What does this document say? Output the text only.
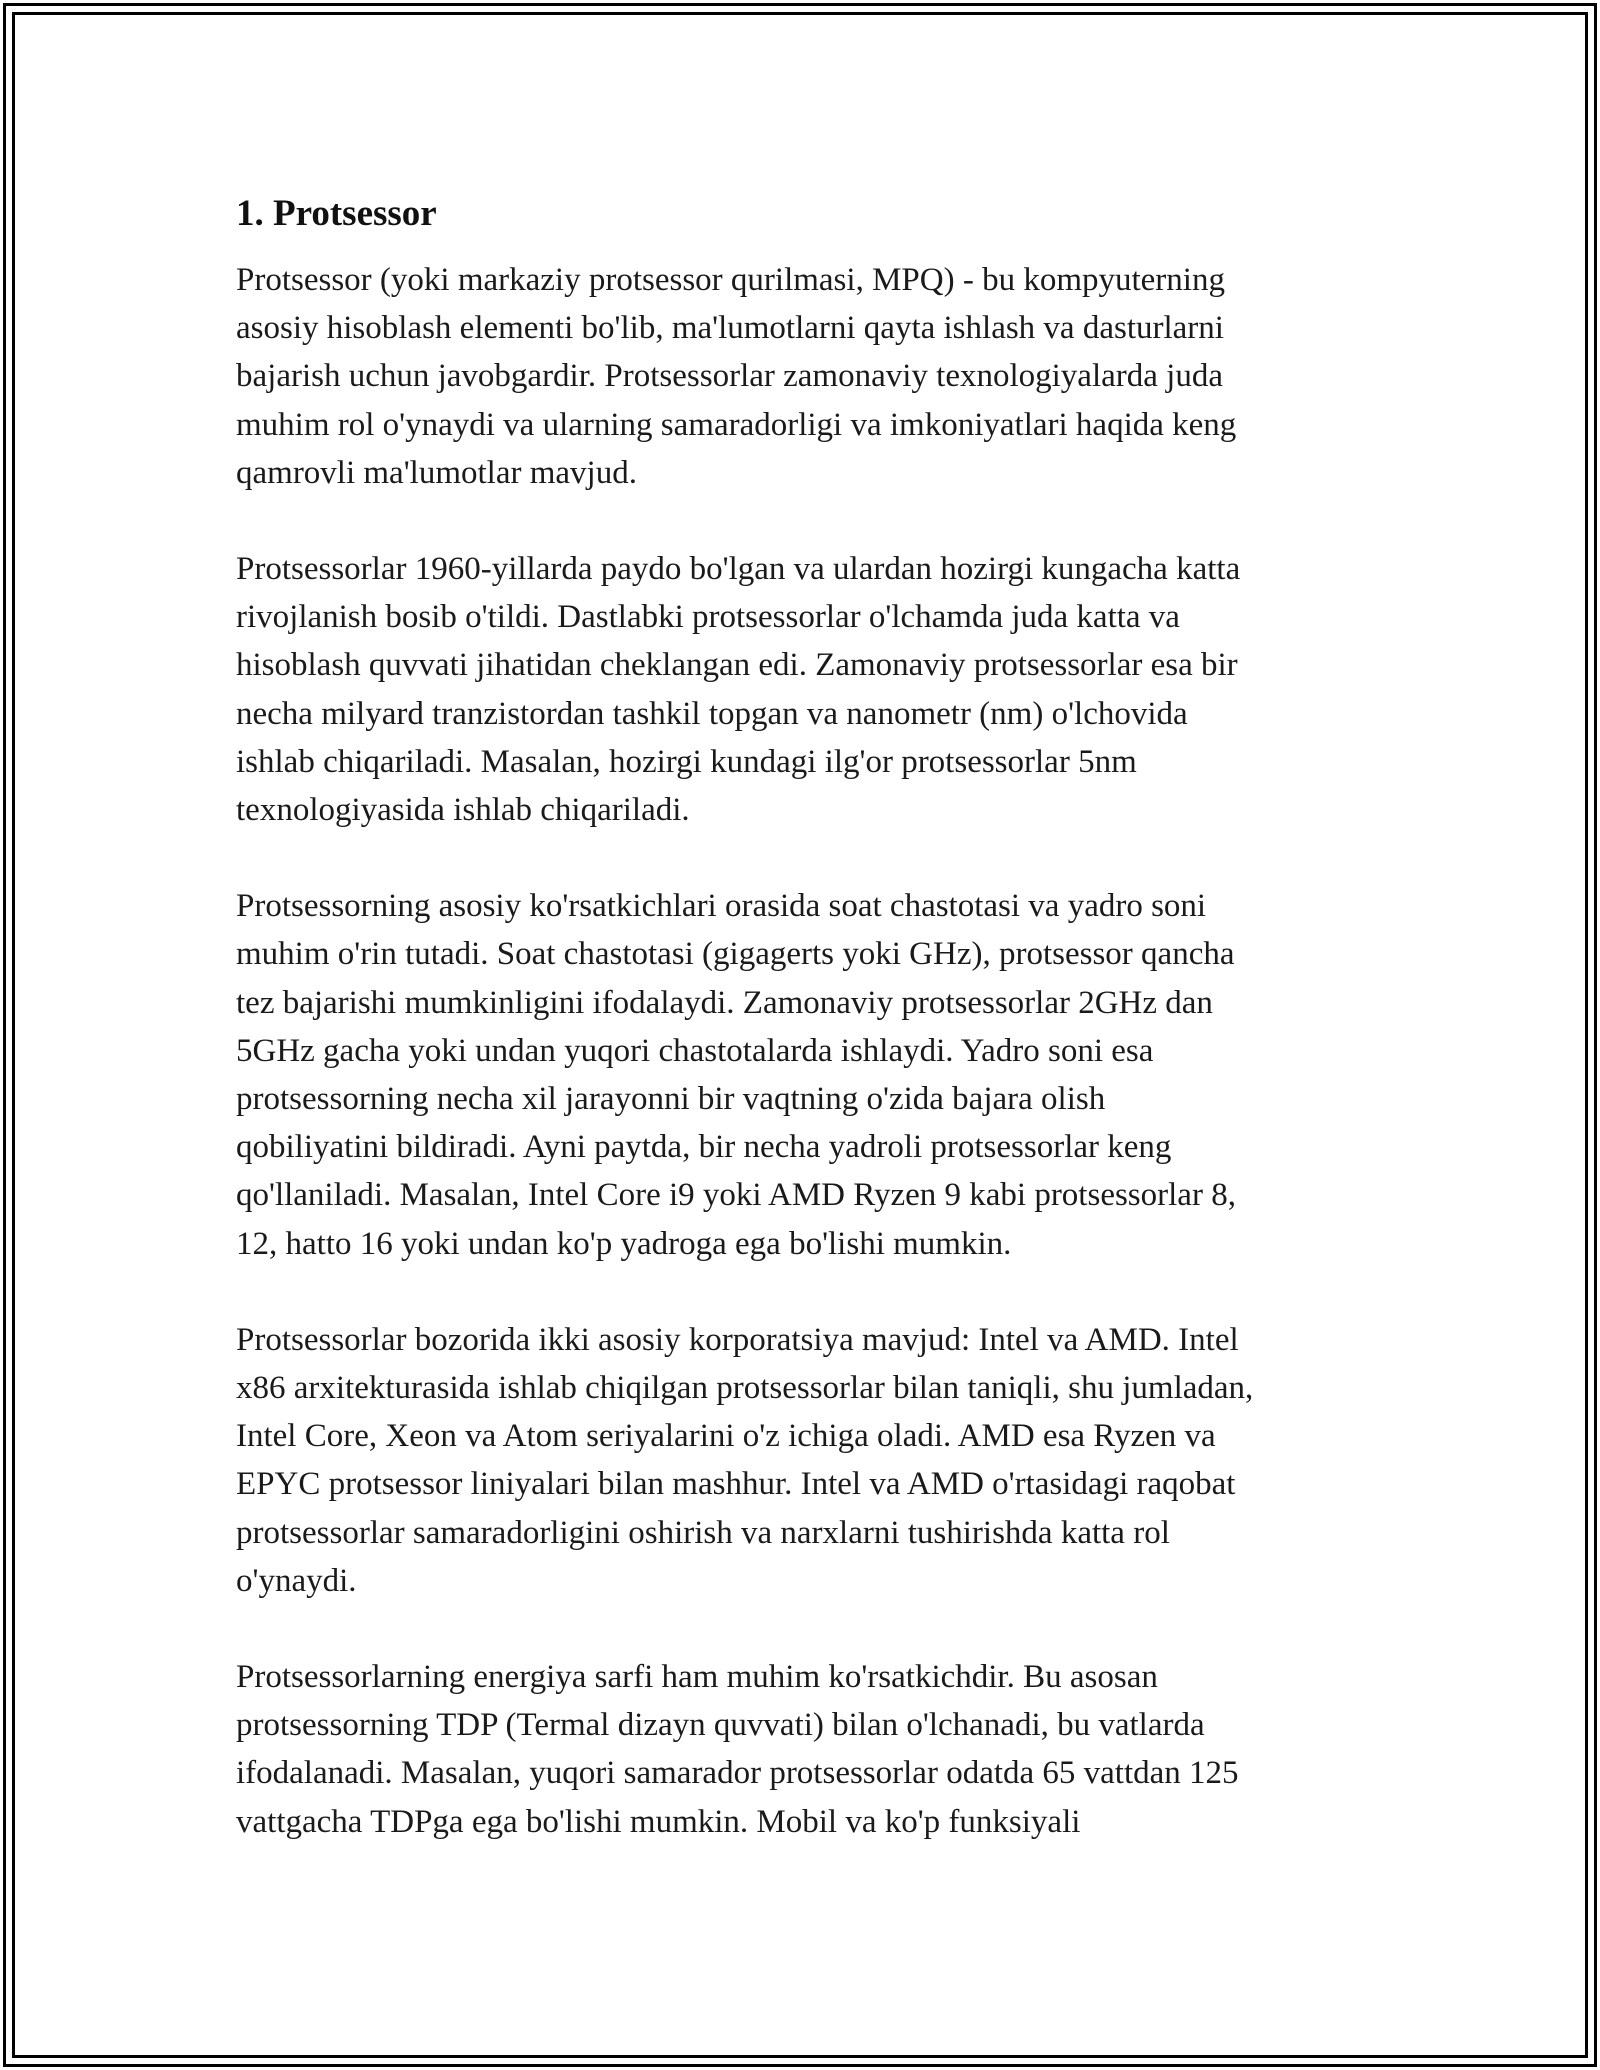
1. Protsessor

Protsessor (yoki markaziy protsessor qurilmasi, MPQ) - bu kompyuterning
asosiy hisoblash elementi bo'lib, ma'lumotlarni qayta ishlash va dasturlarni
bajarish uchun javobgardir. Protsessorlar zamonaviy texnologiyalarda juda
muhim rol o'ynaydi va ularning samaradorligi va imkoniyatlari haqida keng
qamrovli ma'lumotlar mavjud.

Protsessorlar 1960-yillarda paydo bo'lgan va ulardan hozirgi kungacha katta
rivojlanish bosib o'tildi. Dastlabki protsessorlar o'lchamda juda katta va
hisoblash quvvati jihatidan cheklangan edi. Zamonaviy protsessorlar esa bir
necha milyard tranzistordan tashkil topgan va nanometr (nm) o'lchovida
ishlab chiqariladi. Masalan, hozirgi kundagi ilg'or protsessorlar 5nm
texnologiyasida ishlab chiqariladi.

Protsessorning asosiy ko'rsatkichlari orasida soat chastotasi va yadro soni
muhim o'rin tutadi. Soat chastotasi (gigagerts yoki GHz), protsessor qancha
tez bajarishi mumkinligini ifodalaydi. Zamonaviy protsessorlar 2GHz dan
5GHz gacha yoki undan yuqori chastotalarda ishlaydi. Yadro soni esa
protsessorning necha xil jarayonni bir vaqtning o'zida bajara olish
qobiliyatini bildiradi. Ayni paytda, bir necha yadroli protsessorlar keng
qo'llaniladi. Masalan, Intel Core i9 yoki AMD Ryzen 9 kabi protsessorlar 8,
12, hatto 16 yoki undan ko'p yadroga ega bo'lishi mumkin.

Protsessorlar bozorida ikki asosiy korporatsiya mavjud: Intel va AMD. Intel
x86 arxitekturasida ishlab chiqilgan protsessorlar bilan taniqli, shu jumladan,
Intel Core, Xeon va Atom seriyalarini o'z ichiga oladi. AMD esa Ryzen va
EPYC protsessor liniyalari bilan mashhur. Intel va AMD o'rtasidagi raqobat
protsessorlar samaradorligini oshirish va narxlarni tushirishda katta rol
o'ynaydi.

Protsessorlarning energiya sarfi ham muhim ko'rsatkichdir. Bu asosan
protsessorning TDP (Termal dizayn quvvati) bilan o'lchanadi, bu vatlarda
ifodalanadi. Masalan, yuqori samarador protsessorlar odatda 65 vattdan 125
vattgacha TDPga ega bo'lishi mumkin. Mobil va ko'p funksiyali
